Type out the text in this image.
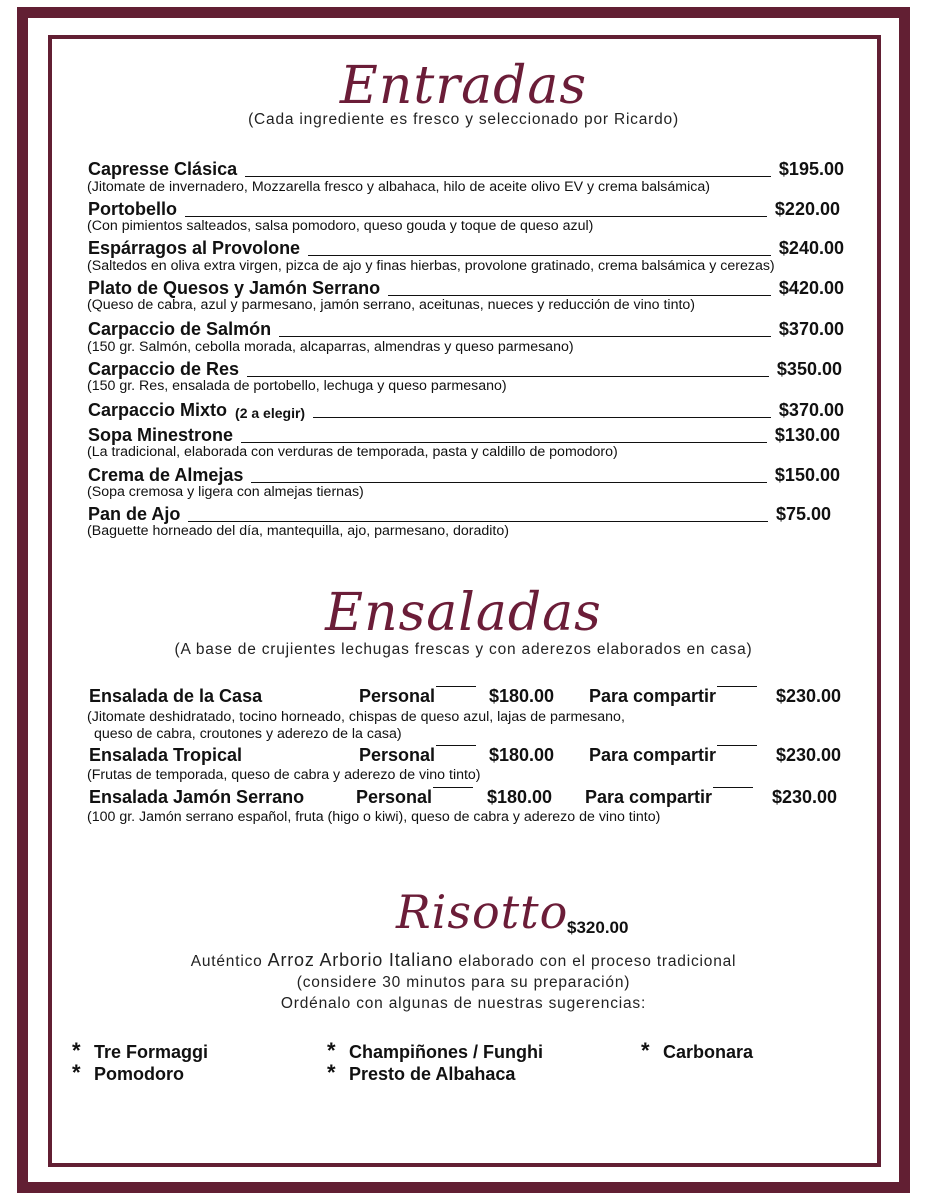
Entradas
(Cada ingrediente es fresco y seleccionado por Ricardo)
Capresse Clásica	$195.00
(Jitomate de invernadero, Mozzarella fresco y albahaca, hilo de aceite olivo EV y crema balsámica)
Portobello	$220.00
(Con pimientos salteados, salsa pomodoro, queso gouda y toque de queso azul)
Espárragos al Provolone	$240.00
(Saltedos en oliva extra virgen, pizca de ajo y finas hierbas, provolone gratinado, crema balsámica y cerezas)
Plato de Quesos y Jamón Serrano	$420.00
(Queso de cabra, azul y parmesano, jamón serrano, aceitunas, nueces y reducción de vino tinto)
Carpaccio de Salmón	$370.00
(150 gr. Salmón, cebolla morada, alcaparras, almendras y queso parmesano)
Carpaccio de Res	$350.00
(150 gr. Res, ensalada de portobello, lechuga y queso parmesano)
Carpaccio Mixto (2 a elegir)	$370.00
Sopa Minestrone	$130.00
(La tradicional, elaborada con verduras de temporada, pasta y caldillo de pomodoro)
Crema de Almejas	$150.00
(Sopa cremosa y ligera con almejas tiernas)
Pan de Ajo	$75.00
(Baguette horneado del día, mantequilla, ajo, parmesano, doradito)
Ensaladas
(A base de crujientes lechugas frescas y con aderezos elaborados en casa)
Ensalada de la Casa	Personal	$180.00 Para compartir	$230.00
(Jitomate deshidratado, tocino horneado, chispas de queso azul, lajas de parmesano,
queso de cabra, croutones y aderezo de la casa)
Ensalada Tropical	Personal	$180.00 Para compartir	$230.00
(Frutas de temporada, queso de cabra y aderezo de vino tinto)
Ensalada Jamón Serrano	Personal	$180.00 Para compartir	$230.00
(100 gr. Jamón serrano español, fruta (higo o kiwi), queso de cabra y aderezo de vino tinto)
Risotto
$320.00
Auténtico Arroz Arborio Italiano elaborado con el proceso tradicional
(considere 30 minutos para su preparación)
Ordénalo con algunas de nuestras sugerencias:
* Tre Formaggi
* Pomodoro
* Champiñones / Funghi
* Presto de Albahaca
* Carbonara
